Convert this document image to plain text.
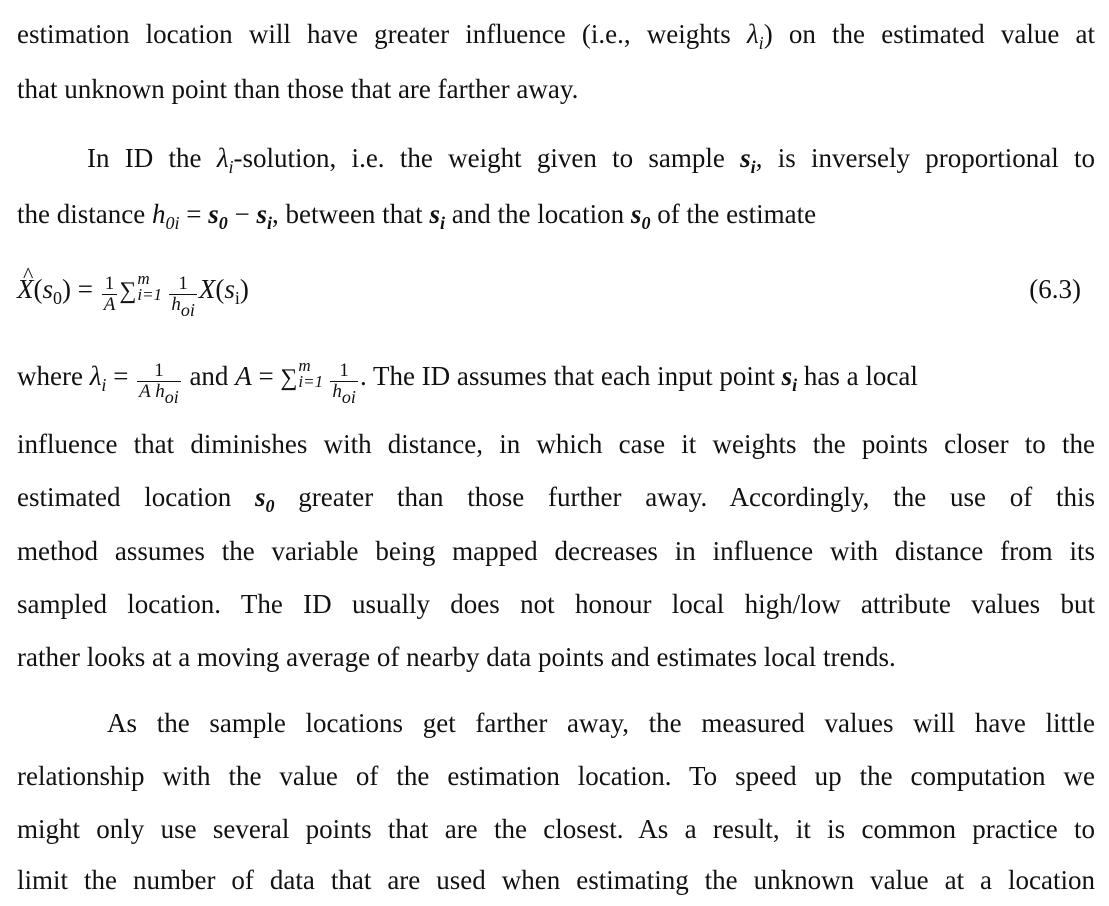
estimation location will have greater influence (i.e., weights $\lambda_i$) on the estimated value at
that unknown point than those that are farther away.
In ID the $\lambda_i$-solution, i.e. the weight given to sample $s_i$, is inversely proportional to
the distance $h_{0i} = s_0 - s_i$, between that $s_i$ and the location $s_0$ of the estimate
^ $X(s_0) = \frac{1}{A}$ ∑ m
$i=1 \frac{1}{h_{oi}} X(s_i)$	(6.3)
where $\lambda_i = \frac{1}{A h_{oi}}$ and A = ∑ m
$i=1 \frac{1}{h_{oi}}$ . The ID assumes that each input point $s_i$ has a local
influence that diminishes with distance, in which case it weights the points closer to the
estimated location $s_0$ greater than those further away. Accordingly, the use of this
method assumes the variable being mapped decreases in influence with distance from its
sampled location. The ID usually does not honour local high/low attribute values but
rather looks at a moving average of nearby data points and estimates local trends.
As the sample locations get farther away, the measured values will have little
relationship with the value of the estimation location. To speed up the computation we
might only use several points that are the closest. As a result, it is common practice to
limit the number of data that are used when estimating the unknown value at a location
